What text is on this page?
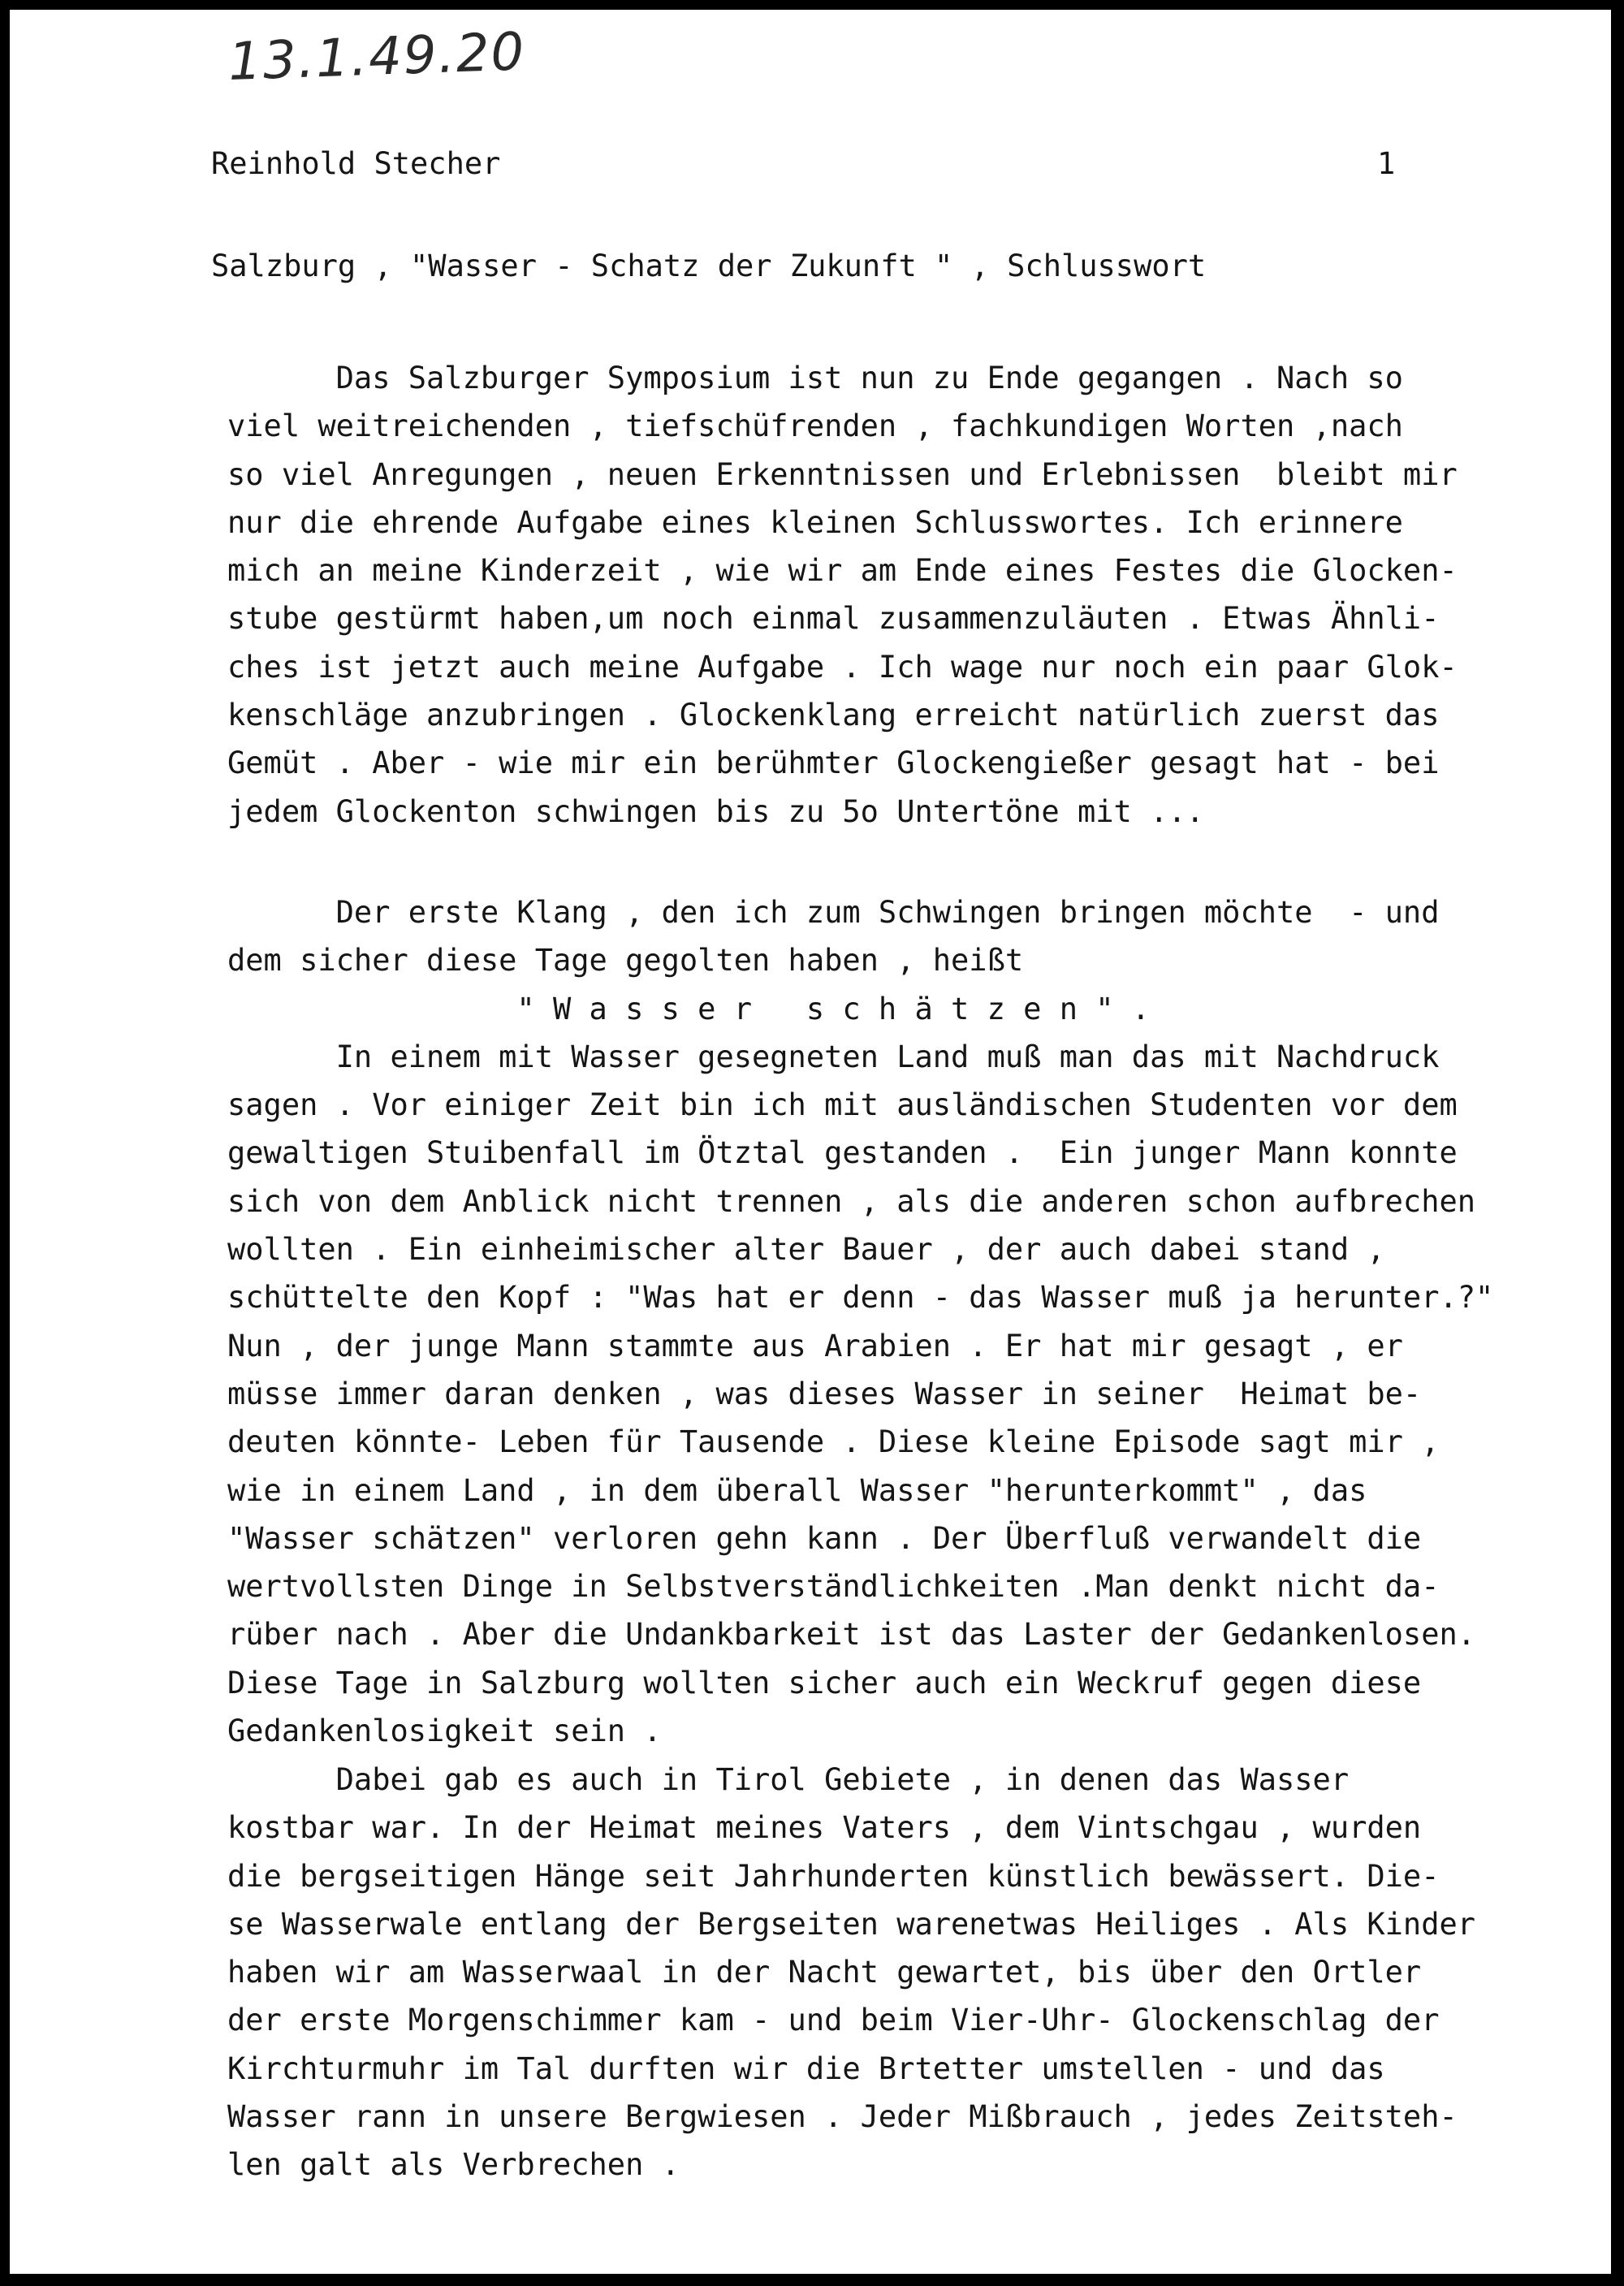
13.1.49.20
Reinhold Stecher	1
Salzburg , "Wasser - Schatz der Zukunft " , Schlusswort
Das Salzburger Symposium ist nun zu Ende gegangen . Nach so
viel weitreichenden , tiefschüfrenden , fachkundigen Worten ,nach
so viel Anregungen , neuen Erkenntnissen und Erlebnissen  bleibt mir
nur die ehrende Aufgabe eines kleinen Schlusswortes. Ich erinnere
mich an meine Kinderzeit , wie wir am Ende eines Festes die Glocken-
stube gestürmt haben,um noch einmal zusammenzuläuten . Etwas Ähnli-
ches ist jetzt auch meine Aufgabe . Ich wage nur noch ein paar Glok-
kenschläge anzubringen . Glockenklang erreicht natürlich zuerst das
Gemüt . Aber - wie mir ein berühmter Glockengießer gesagt hat - bei
jedem Glockenton schwingen bis zu 5o Untertöne mit ...
Der erste Klang , den ich zum Schwingen bringen möchte  - und
dem sicher diese Tage gegolten haben , heißt
" W a s s e r   s c h ä t z e n " .
In einem mit Wasser gesegneten Land muß man das mit Nachdruck
sagen . Vor einiger Zeit bin ich mit ausländischen Studenten vor dem
gewaltigen Stuibenfall im Ötztal gestanden .  Ein junger Mann konnte
sich von dem Anblick nicht trennen , als die anderen schon aufbrechen
wollten . Ein einheimischer alter Bauer , der auch dabei stand ,
schüttelte den Kopf : "Was hat er denn - das Wasser muß ja herunter.?"
Nun , der junge Mann stammte aus Arabien . Er hat mir gesagt , er
müsse immer daran denken , was dieses Wasser in seiner  Heimat be-
deuten könnte- Leben für Tausende . Diese kleine Episode sagt mir ,
wie in einem Land , in dem überall Wasser "herunterkommt" , das
"Wasser schätzen" verloren gehn kann . Der Überfluß verwandelt die
wertvollsten Dinge in Selbstverständlichkeiten .Man denkt nicht da-
rüber nach . Aber die Undankbarkeit ist das Laster der Gedankenlosen.
Diese Tage in Salzburg wollten sicher auch ein Weckruf gegen diese
Gedankenlosigkeit sein .
Dabei gab es auch in Tirol Gebiete , in denen das Wasser
kostbar war. In der Heimat meines Vaters , dem Vintschgau , wurden
die bergseitigen Hänge seit Jahrhunderten künstlich bewässert. Die-
se Wasserwale entlang der Bergseiten warenetwas Heiliges . Als Kinder
haben wir am Wasserwaal in der Nacht gewartet, bis über den Ortler
der erste Morgenschimmer kam - und beim Vier-Uhr- Glockenschlag der
Kirchturmuhr im Tal durften wir die Brtetter umstellen - und das
Wasser rann in unsere Bergwiesen . Jeder Mißbrauch , jedes Zeitsteh-
len galt als Verbrechen .
